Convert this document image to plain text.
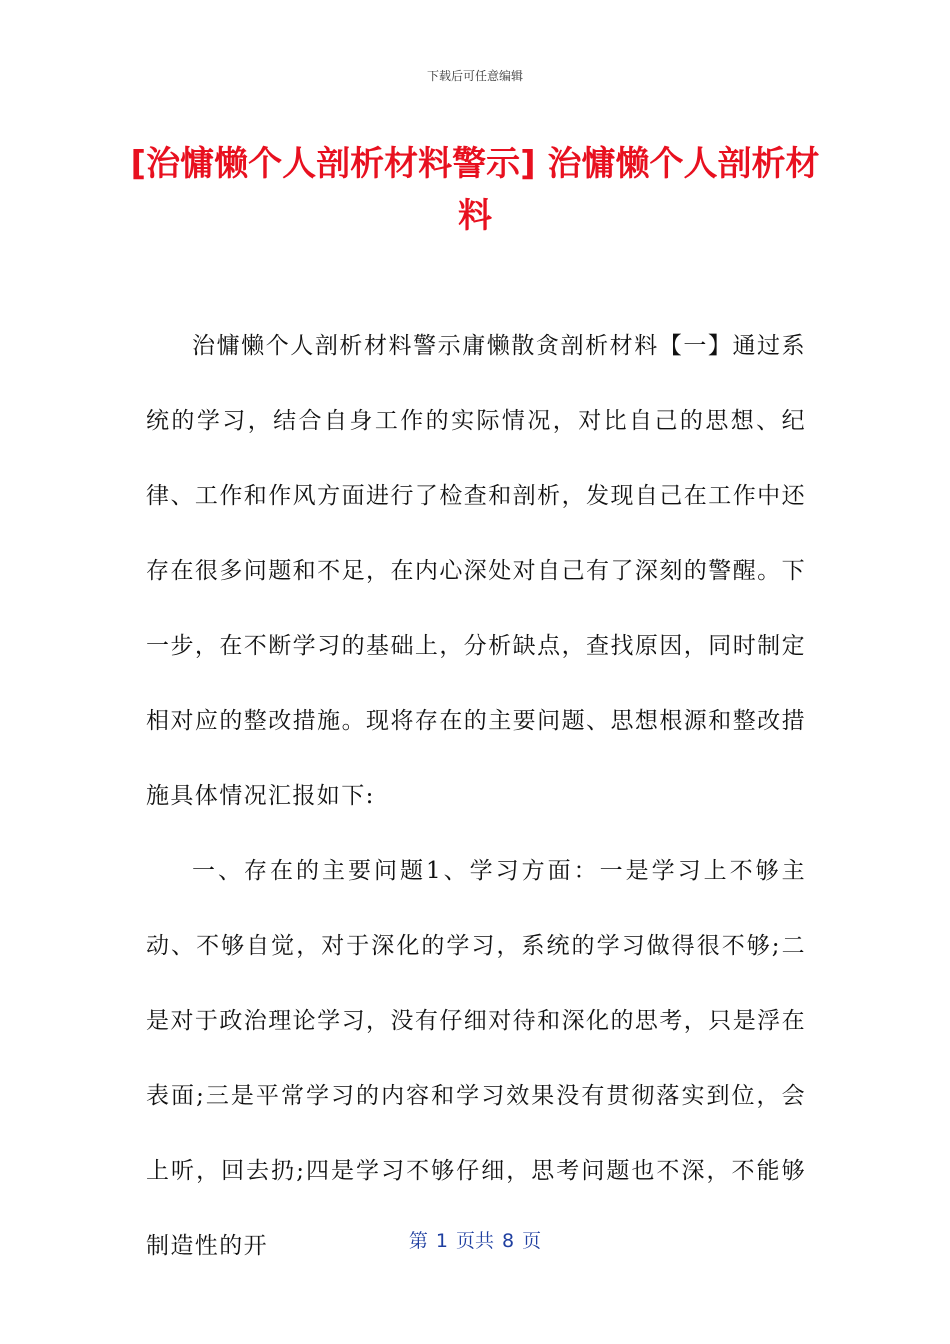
下载后可任意编辑
[治慵懒个人剖析材料警示] 治慵懒个人剖析材料

治慵懒个人剖析材料警示庸懒散贪剖析材料【一】通过系统的学习，结合自身工作的实际情况，对比自己的思想、纪律、工作和作风方面进行了检查和剖析，发现自己在工作中还存在很多问题和不足，在内心深处对自己有了深刻的警醒。下一步，在不断学习的基础上，分析缺点，查找原因，同时制定相对应的整改措施。现将存在的主要问题、思想根源和整改措施具体情况汇报如下:

一、存在的主要问题1、学习方面：一是学习上不够主动、不够自觉，对于深化的学习，系统的学习做得很不够;二是对于政治理论学习，没有仔细对待和深化的思考，只是浮在表面;三是平常学习的内容和学习效果没有贯彻落实到位，会上听，回去扔;四是学习不够仔细，思考问题也不深，不能够制造性的开	第 1 页共 8 页
